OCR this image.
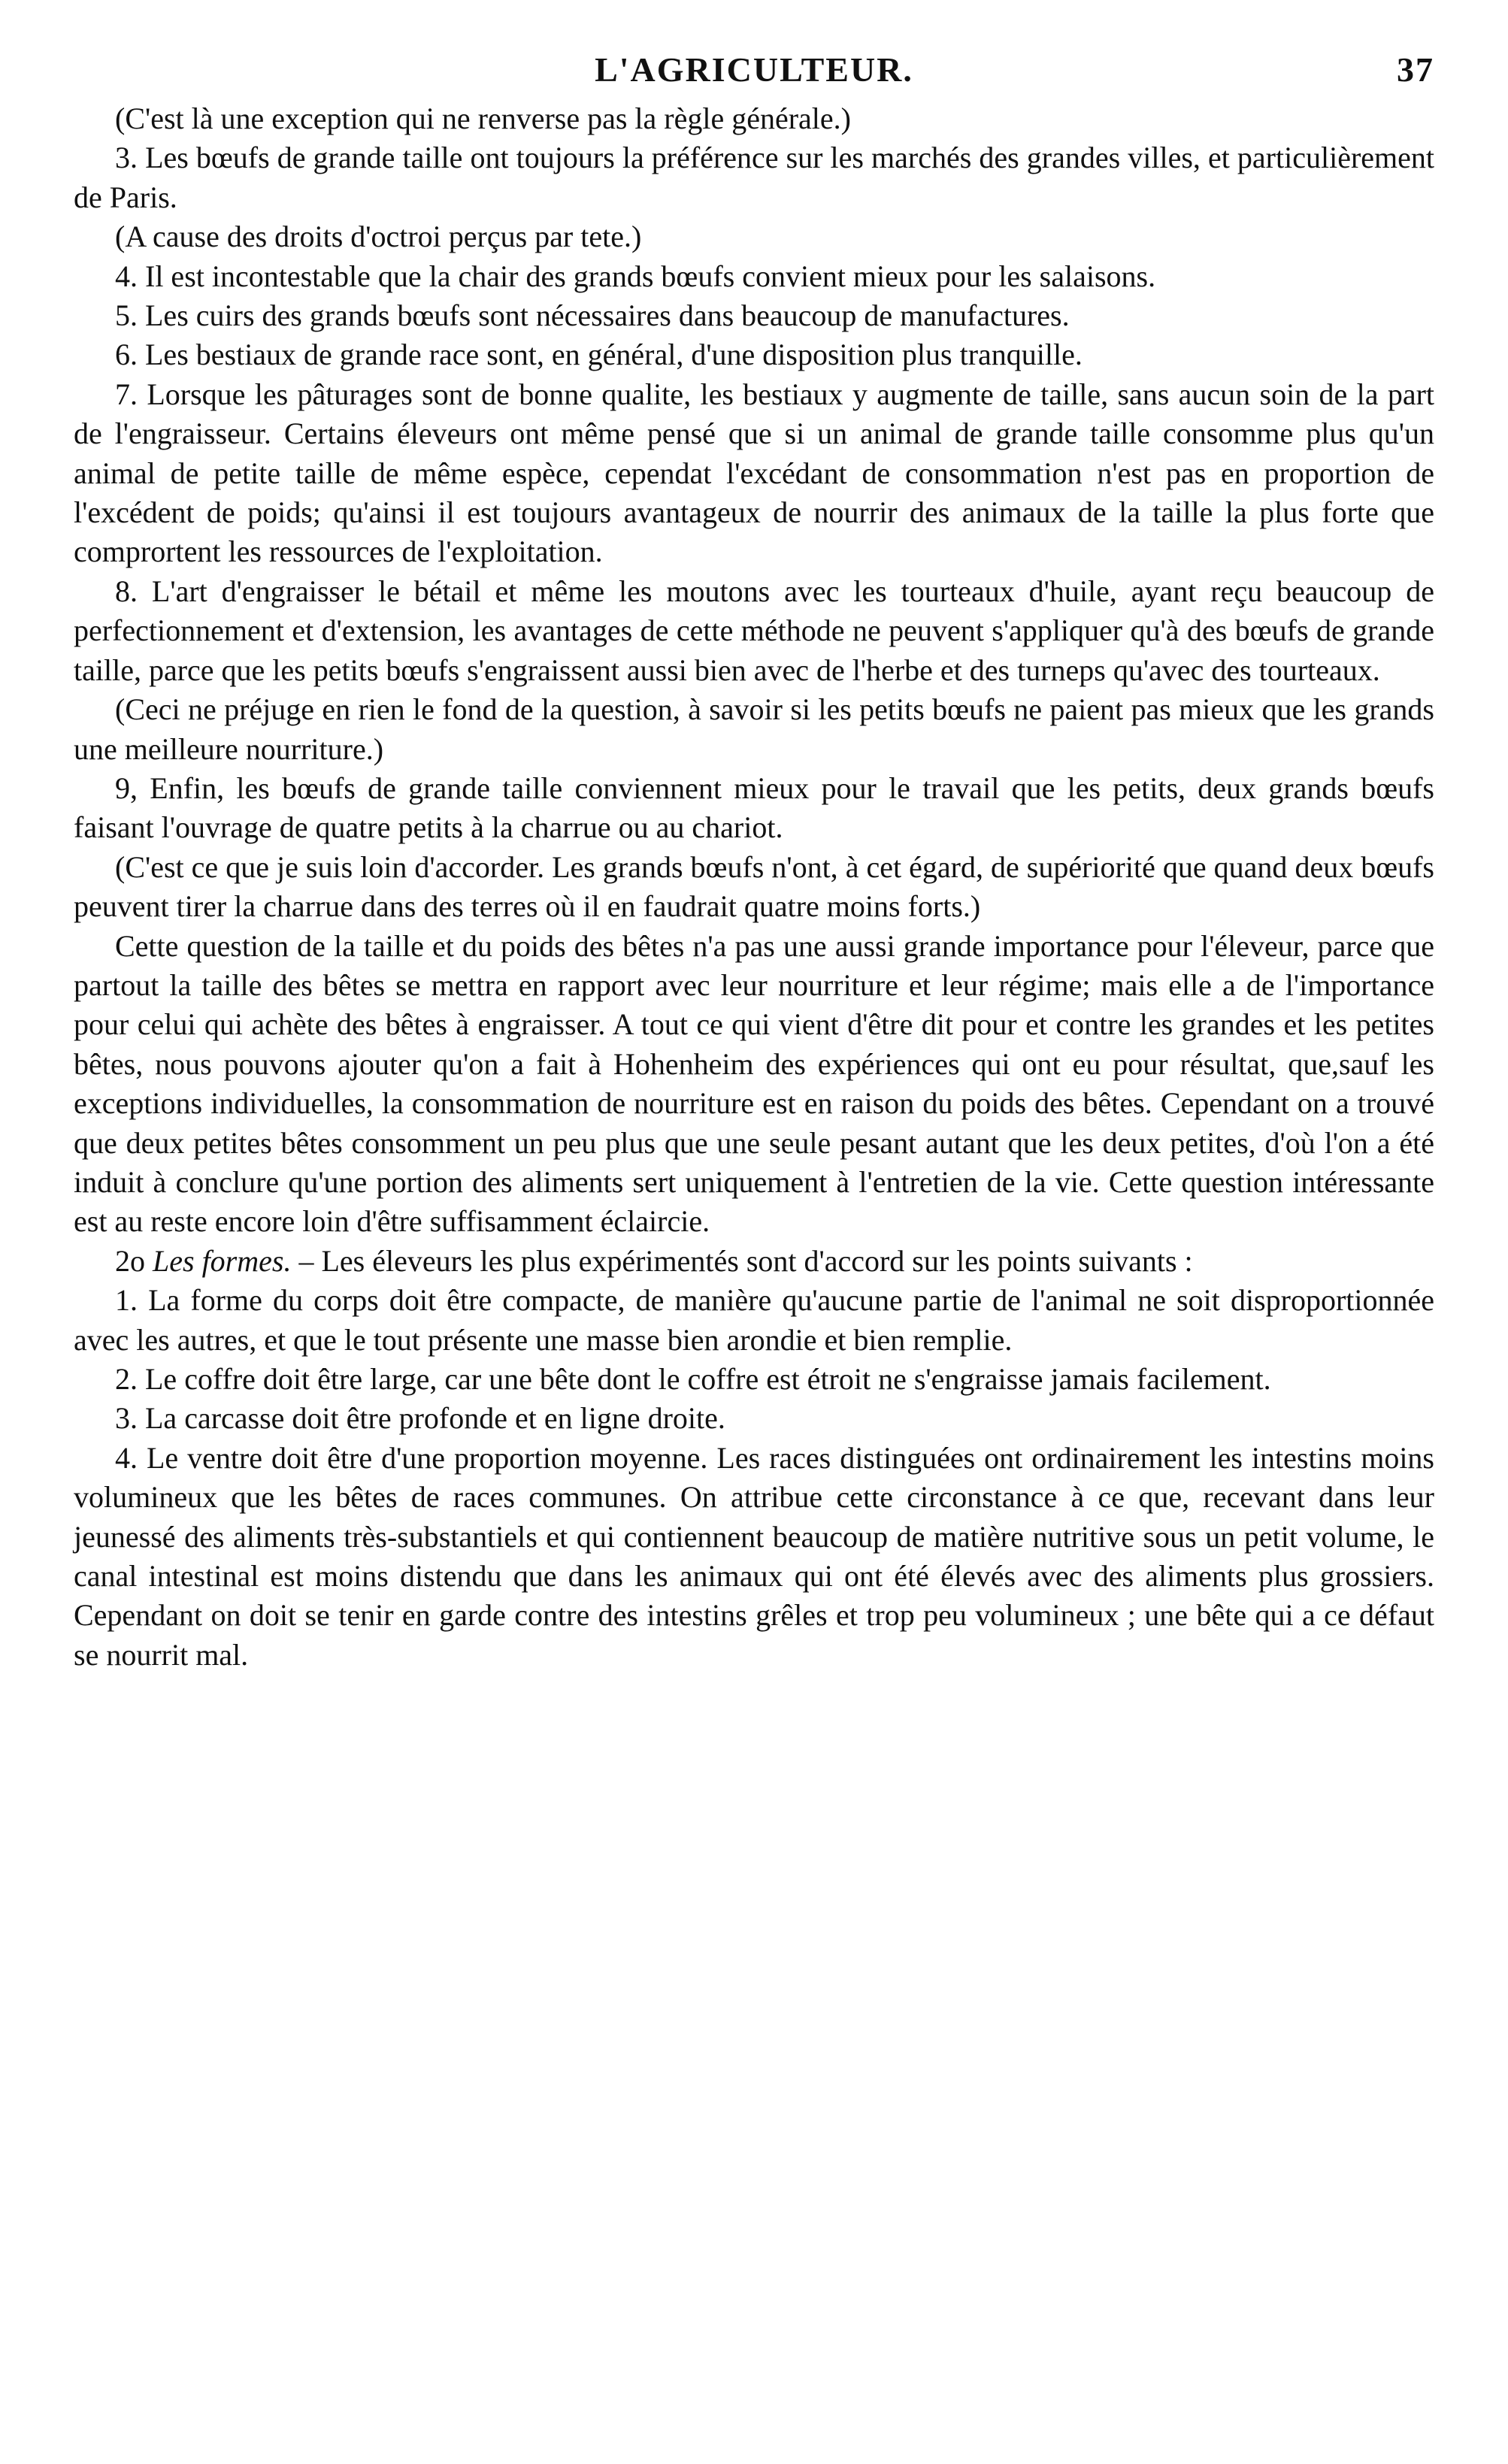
L'AGRICULTEUR.	37

(C'est là une exception qui ne renverse pas la règle générale.)

3. Les bœufs de grande taille ont toujours la préférence sur les marchés des grandes villes, et particulièrement de Paris.

(A cause des droits d'octroi perçus par tete.)

4. Il est incontestable que la chair des grands bœufs convient mieux pour les salaisons.

5. Les cuirs des grands bœufs sont nécessaires dans beaucoup de manufactures.

6. Les bestiaux de grande race sont, en général, d'une disposition plus tranquille.

7. Lorsque les pâturages sont de bonne qualite, les bestiaux y augmente de taille, sans aucun soin de la part de l'engraisseur. Certains éleveurs ont même pensé que si un animal de grande taille consomme plus qu'un animal de petite taille de même espèce, cependat l'excédant de consommation n'est pas en proportion de l'excédent de poids; qu'ainsi il est toujours avantageux de nourrir des animaux de la taille la plus forte que comprortent les ressources de l'exploitation.

8. L'art d'engraisser le bétail et même les moutons avec les tourteaux d'huile, ayant reçu beaucoup de perfectionnement et d'extension, les avantages de cette méthode ne peuvent s'appliquer qu'à des bœufs de grande taille, parce que les petits bœufs s'engraissent aussi bien avec de l'herbe et des turneps qu'avec des tourteaux.

(Ceci ne préjuge en rien le fond de la question, à savoir si les petits bœufs ne paient pas mieux que les grands une meilleure nourriture.)

9, Enfin, les bœufs de grande taille conviennent mieux pour le travail que les petits, deux grands bœufs faisant l'ouvrage de quatre petits à la charrue ou au chariot.

(C'est ce que je suis loin d'accorder. Les grands bœufs n'ont, à cet égard, de supériorité que quand deux bœufs peuvent tirer la charrue dans des terres où il en faudrait quatre moins forts.)

Cette question de la taille et du poids des bêtes n'a pas une aussi grande importance pour l'éleveur, parce que partout la taille des bêtes se mettra en rapport avec leur nourriture et leur régime; mais elle a de l'importance pour celui qui achète des bêtes à engraisser. A tout ce qui vient d'être dit pour et contre les grandes et les petites bêtes, nous pouvons ajouter qu'on a fait à Hohenheim des expériences qui ont eu pour résultat, que,sauf les exceptions individuelles, la consommation de nourriture est en raison du poids des bêtes. Cependant on a trouvé que deux petites bêtes consomment un peu plus que une seule pesant autant que les deux petites, d'où l'on a été induit à conclure qu'une portion des aliments sert uniquement à l'entretien de la vie. Cette question intéressante est au reste encore loin d'être suffisamment éclaircie.

2o Les formes. – Les éleveurs les plus expérimentés sont d'accord sur les points suivants :

1. La forme du corps doit être compacte, de manière qu'aucune partie de l'animal ne soit disproportionnée avec les autres, et que le tout présente une masse bien arondie et bien remplie.

2. Le coffre doit être large, car une bête dont le coffre est étroit ne s'engraisse jamais facilement.

3. La carcasse doit être profonde et en ligne droite.

4. Le ventre doit être d'une proportion moyenne. Les races distinguées ont ordinairement les intestins moins volumineux que les bêtes de races communes. On attribue cette circonstance à ce que, recevant dans leur jeunessé des aliments très-substantiels et qui contiennent beaucoup de matière nutritive sous un petit volume, le canal intestinal est moins distendu que dans les animaux qui ont été élevés avec des aliments plus grossiers. Cependant on doit se tenir en garde contre des intestins grêles et trop peu volumineux ; une bête qui a ce défaut se nourrit mal.
